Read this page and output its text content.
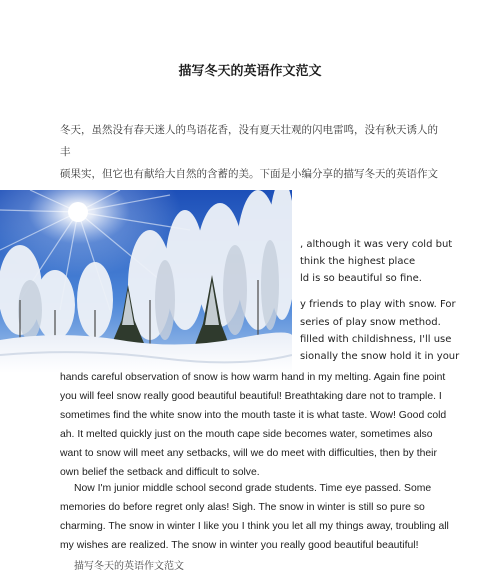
描写冬天的英语作文范文
冬天，虽然没有春天迷人的鸟语花香，没有夏天壮观的闪电雷鸣，没有秋天诱人的丰
硕果实，但它也有献给大自然的含蓄的美。下面是小编分享的描写冬天的英语作文
, although it was very cold but
think the highest place
ld is so beautiful so fine.
y friends to play with snow. For
series of play snow method.
filled with childishness, I'll use
sionally the snow hold it in your
hands careful observation of snow is how warm hand in my melting. Again fine point
you will feel snow really good beautiful beautiful! Breathtaking dare not to trample. I
sometimes find the white snow into the mouth taste it is what taste. Wow! Good cold
ah. It melted quickly just on the mouth cape side becomes water, sometimes also
want to snow will meet any setbacks, will we do meet with difficulties, then by their
own belief the setback and difficult to solve.
Now I'm junior middle school second grade students. Time eye passed. Some
memories do before regret only alas! Sigh. The snow in winter is still so pure so
charming. The snow in winter I like you I think you let all my things away, troubling all
my wishes are realized. The snow in winter you really good beautiful beautiful!
描写冬天的英语作文范文
